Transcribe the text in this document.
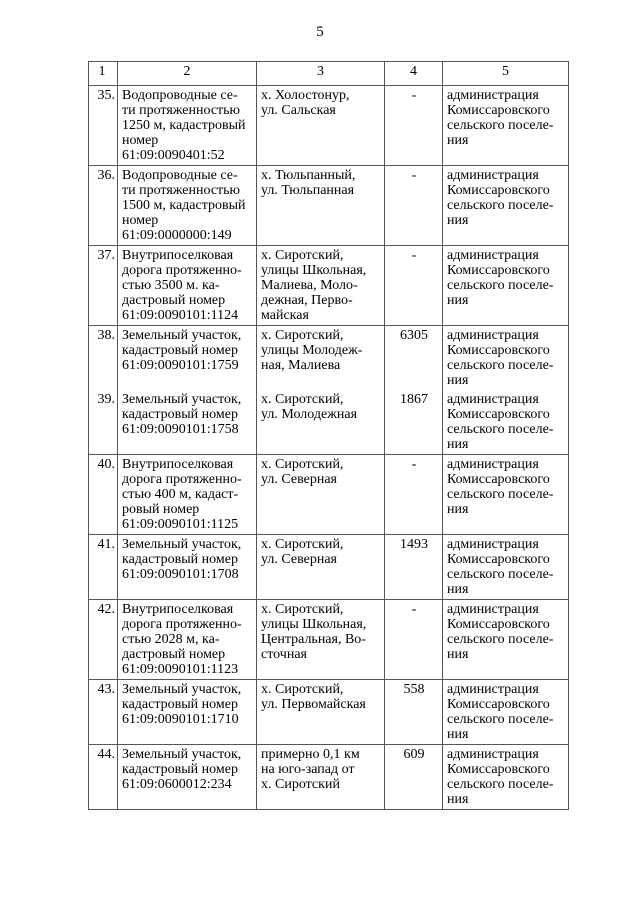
5
1	2	3	4	5

35.	Водопроводные се-
ти протяженностью
1250 м, кадастровый
номер
61:09:0090401:52	х. Холостонур,
ул. Сальская	-	администрация
Комиссаровского
сельского поселе-
ния

36.	Водопроводные се-
ти протяженностью
1500 м, кадастровый
номер
61:09:0000000:149	х. Тюльпанный,
ул. Тюльпанная	-	администрация
Комиссаровского
сельского поселе-
ния

37.	Внутрипоселковая
дорога протяженно-
стью 3500 м. ка-
дастровый номер
61:09:0090101:1124	х. Сиротский,
улицы Школьная,
Малиева, Моло-
дежная, Перво-
майская	-	администрация
Комиссаровского
сельского поселе-
ния

38.	Земельный участок,
кадастровый номер
61:09:0090101:1759	х. Сиротский,
улицы Молодеж-
ная, Малиева	6305	администрация
Комиссаровского
сельского поселе-
ния

39.	Земельный участок,
кадастровый номер
61:09:0090101:1758	х. Сиротский,
ул. Молодежная	1867	администрация
Комиссаровского
сельского поселе-
ния

40.	Внутрипоселковая
дорога протяженно-
стью 400 м, кадаст-
ровый номер
61:09:0090101:1125	х. Сиротский,
ул. Северная	-	администрация
Комиссаровского
сельского поселе-
ния

41.	Земельный участок,
кадастровый номер
61:09:0090101:1708	х. Сиротский,
ул. Северная	1493	администрация
Комиссаровского
сельского поселе-
ния

42.	Внутрипоселковая
дорога протяженно-
стью 2028 м, ка-
дастровый номер
61:09:0090101:1123	х. Сиротский,
улицы Школьная,
Центральная, Во-
сточная	-	администрация
Комиссаровского
сельского поселе-
ния

43.	Земельный участок,
кадастровый номер
61:09:0090101:1710	х. Сиротский,
ул. Первомайская	558	администрация
Комиссаровского
сельского поселе-
ния

44.	Земельный участок,
кадастровый номер
61:09:0600012:234	примерно 0,1 км
на юго-запад от
х. Сиротский	609	администрация
Комиссаровского
сельского поселе-
ния
